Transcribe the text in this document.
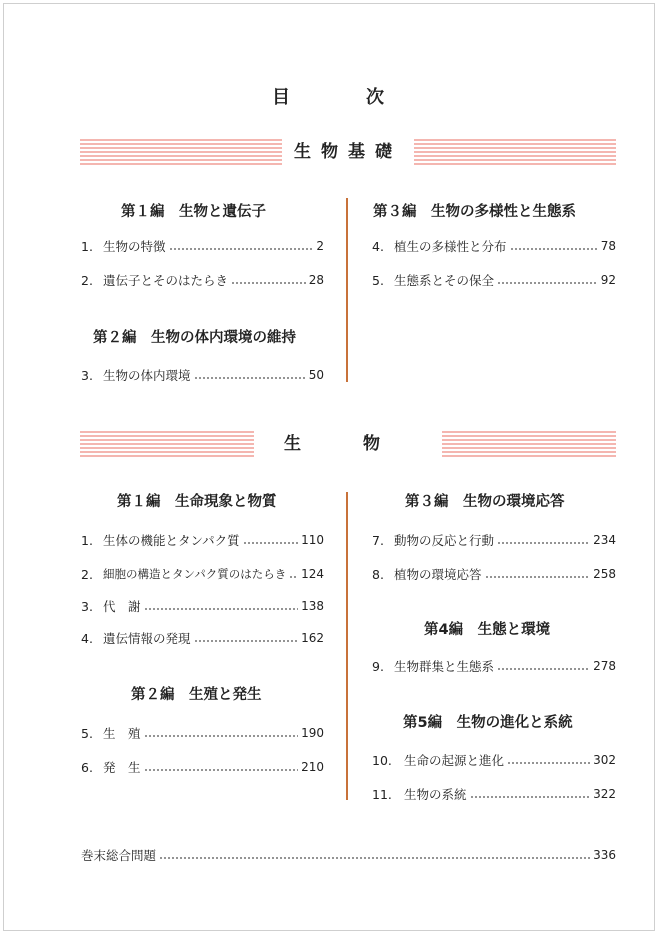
目	次
生物基礎
第１編　生物と遺伝子
1. 生物の特徴	2
2. 遺伝子とそのはたらき	28
第２編　生物の体内環境の維持
3. 生物の体内環境	50
第３編　生物の多様性と生態系
4. 植生の多様性と分布	78
5. 生態系とその保全	92
生物
第１編　生命現象と物質
1. 生体の機能とタンパク質	110
2. 細胞の構造とタンパク質のはたらき 124
3. 代　謝	138
4. 遺伝情報の発現	162
第２編　生殖と発生
5. 生　殖	190
6. 発　生	210
第３編　生物の環境応答
7. 動物の反応と行動	234
8. 植物の環境応答	258
第4編　生態と環境
9. 生物群集と生態系	278
第5編　生物の進化と系統
10. 生命の起源と進化	302
11. 生物の系統	322
巻末総合問題	336
